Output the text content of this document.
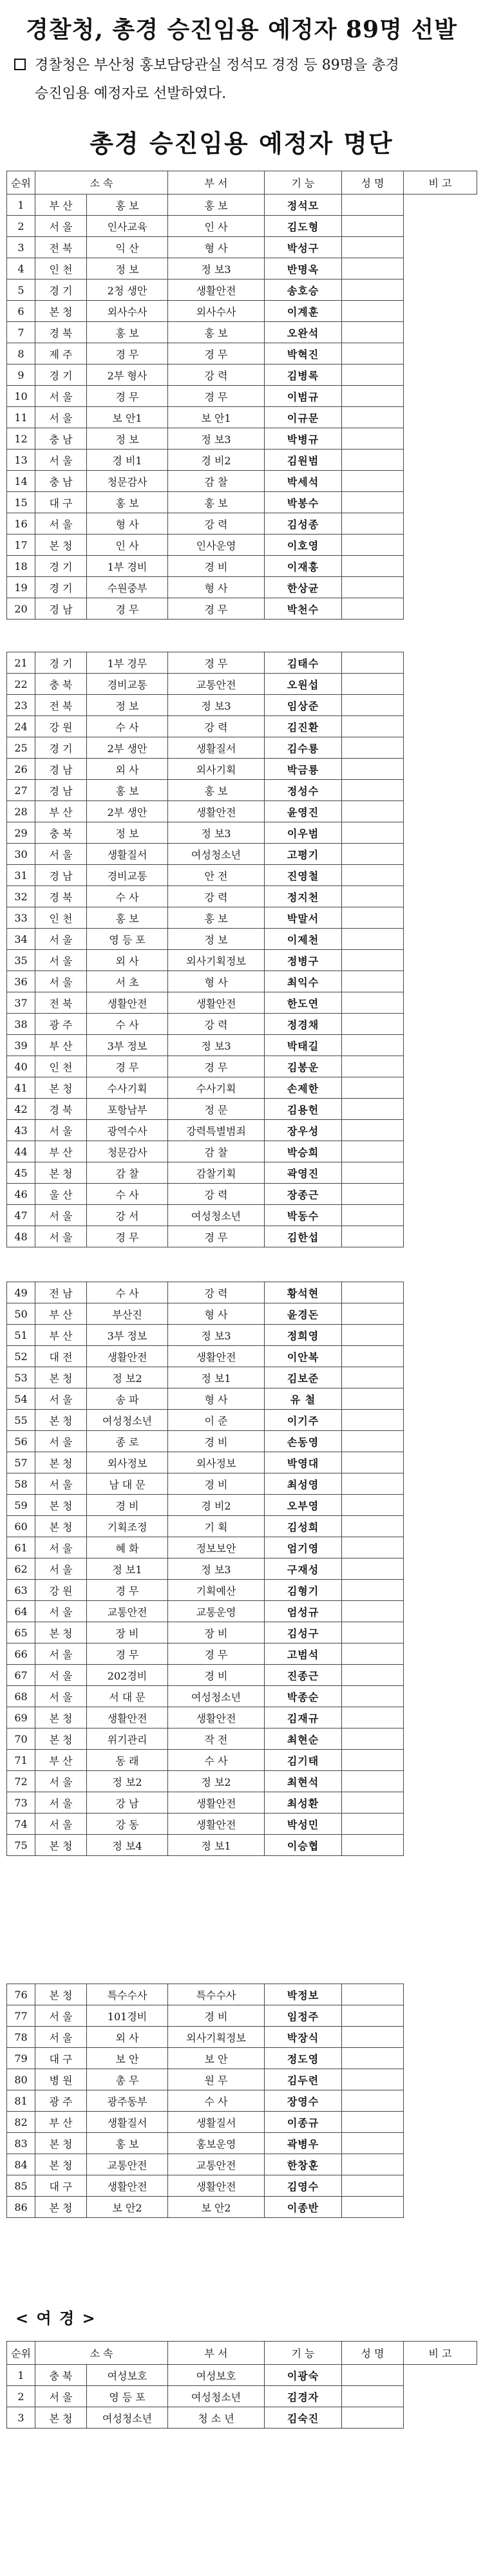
경찰청, 총경 승진임용 예정자 89명 선발
경찰청은 부산청 홍보담당관실 정석모 경정 등 89명을 총경
승진임용 예정자로 선발하였다.
총경 승진임용 예정자 명단
순위	소 속		부 서	기 능	성 명	비 고
1	부 산	홍 보	홍 보	정석모	
2	서 울	인사교육	인 사	김도형	
3	전 북	익 산	형 사	박성구	
4	인 천	정 보	정 보3	반명옥	
5	경 기	2청 생안	생활안전	송호승	
6	본 청	외사수사	외사수사	이계훈	
7	경 북	홍 보	홍 보	오완석	
8	제 주	경 무	경 무	박혁진	
9	경 기	2부 형사	강 력	김병록	
10	서 울	경 무	경 무	이범규	
11	서 울	보 안1	보 안1	이규문	
12	충 남	정 보	정 보3	박병규	
13	서 울	경 비1	경 비2	김원범	
14	충 남	청문감사	감 찰	박세석	
15	대 구	홍 보	홍 보	박봉수	
16	서 울	형 사	강 력	김성종	
17	본 청	인 사	인사운영	이호영	
18	경 기	1부 경비	경 비	이재홍	
19	경 기	수원중부	형 사	한상균	
20	경 남	경 무	경 무	박천수	
21	경 기	1부 경무	경 무	김태수	
22	충 북	경비교통	교통안전	오원섭	
23	전 북	정 보	정 보3	임상준	
24	강 원	수 사	강 력	김진환	
25	경 기	2부 생안	생활질서	김수룡	
26	경 남	외 사	외사기획	박금룡	
27	경 남	홍 보	홍 보	정성수	
28	부 산	2부 생안	생활안전	윤영진	
29	충 북	정 보	정 보3	이우범	
30	서 울	생활질서	여성청소년	고평기	
31	경 남	경비교통	안 전	진영철	
32	경 북	수 사	강 력	정지천	
33	인 천	홍 보	홍 보	박말서	
34	서 울	영 등 포	정 보	이제천	
35	서 울	외 사	외사기획정보	정병구	
36	서 울	서 초	형 사	최익수	
37	전 북	생활안전	생활안전	한도연	
38	광 주	수 사	강 력	정경채	
39	부 산	3부 정보	정 보3	박태길	
40	인 천	경 무	경 무	김봉운	
41	본 청	수사기획	수사기획	손제한	
42	경 북	포항남부	정 문	김용헌	
43	서 울	광역수사	강력특별범죄	장우성	
44	부 산	청문감사	감 찰	박승희	
45	본 청	감 찰	감찰기획	곽영진	
46	울 산	수 사	강 력	장종근	
47	서 울	강 서	여성청소년	박동수	
48	서 울	경 무	경 무	김한섭	
49	전 남	수 사	강 력	황석현	
50	부 산	부산진	형 사	윤경돈	
51	부 산	3부 정보	정 보3	정희영	
52	대 전	생활안전	생활안전	이안복	
53	본 청	정 보2	정 보1	김보준	
54	서 울	송 파	형 사	유 철	
55	본 청	여성청소년	이 준	이기주	
56	서 울	종 로	경 비	손동영	
57	본 청	외사정보	외사정보	박영대	
58	서 울	남 대 문	경 비	최성영	
59	본 청	경 비	경 비2	오부영	
60	본 청	기획조정	기 획	김성희	
61	서 울	혜 화	정보보안	엄기영	
62	서 울	정 보1	정 보3	구재성	
63	강 원	경 무	기획예산	김형기	
64	서 울	교통안전	교통운영	엄성규	
65	본 청	장 비	장 비	김성구	
66	서 울	경 무	경 무	고범석	
67	서 울	202경비	경 비	진종근	
68	서 울	서 대 문	여성청소년	박종순	
69	본 청	생활안전	생활안전	김재규	
70	본 청	위기관리	작 전	최현순	
71	부 산	동 래	수 사	김기태	
72	서 울	정 보2	정 보2	최현석	
73	서 울	강 남	생활안전	최성환	
74	서 울	강 동	생활안전	박성민	
75	본 청	정 보4	정 보1	이승협	
76	본 청	특수수사	특수수사	박정보	
77	서 울	101경비	경 비	임정주	
78	서 울	외 사	외사기획정보	박장식	
79	대 구	보 안	보 안	정도영	
80	병 원	총 무	원 무	김두련	
81	광 주	광주동부	수 사	장영수	
82	부 산	생활질서	생활질서	이종규	
83	본 청	홍 보	홍보운영	곽병우	
84	본 청	교통안전	교통안전	한창훈	
85	대 구	생활안전	생활안전	김영수	
86	본 청	보 안2	보 안2	이종반	
< 여 경 >
순위	소 속		부 서	기 능	성 명	비 고
1	충 북	여성보호	여성보호	이광숙	
2	서 울	영 등 포	여성청소년	김경자	
3	본 청	여성청소년	청 소 년	김숙진	
